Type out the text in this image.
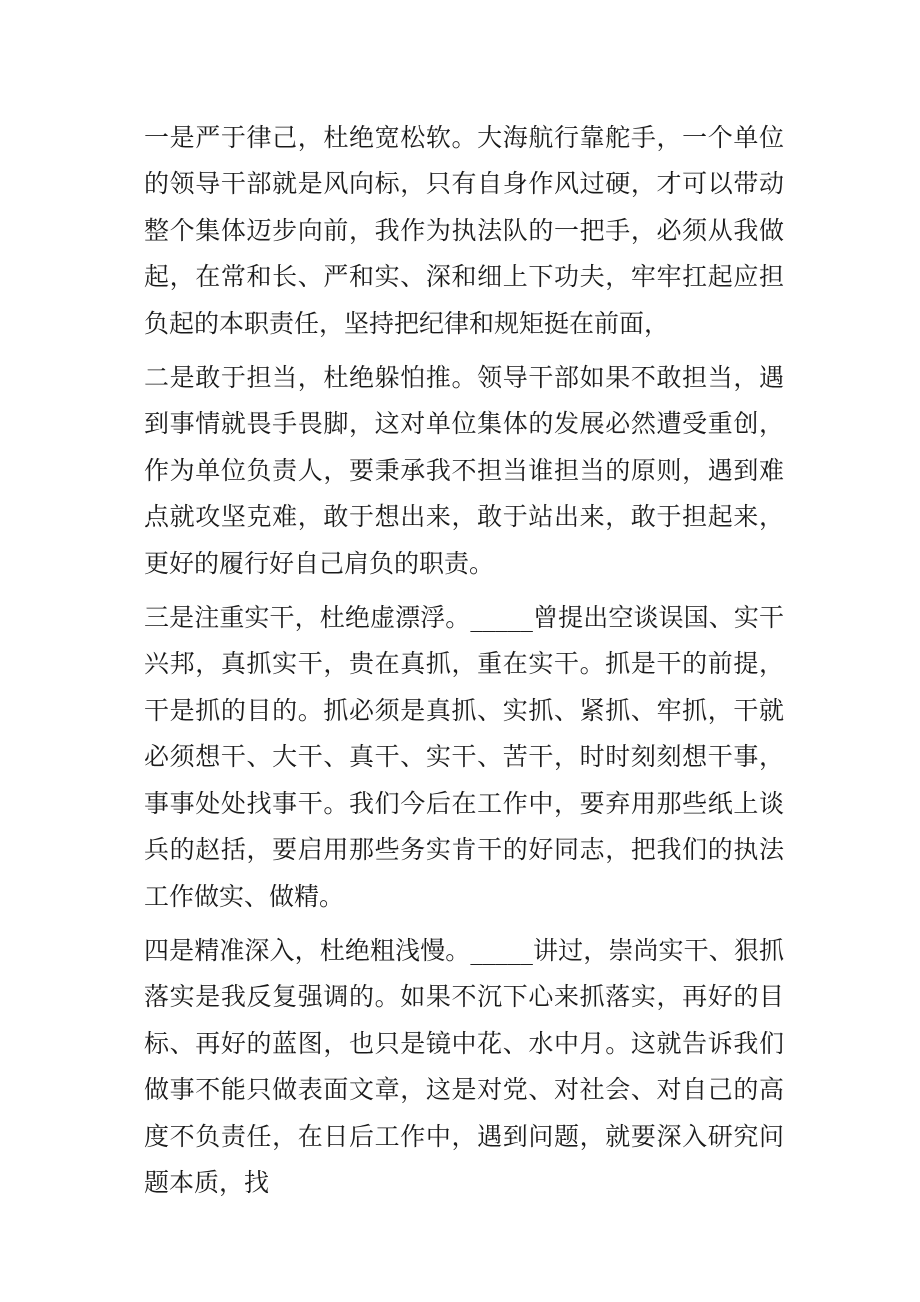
一是严于律己，杜绝宽松软。大海航行靠舵手，一个单位的领导干部就是风向标，只有自身作风过硬，才可以带动整个集体迈步向前，我作为执法队的一把手，必须从我做起，在常和长、严和实、深和细上下功夫，牢牢扛起应担负起的本职责任，坚持把纪律和规矩挺在前面，

二是敢于担当，杜绝躲怕推。领导干部如果不敢担当，遇到事情就畏手畏脚，这对单位集体的发展必然遭受重创，作为单位负责人，要秉承我不担当谁担当的原则，遇到难点就攻坚克难，敢于想出来，敢于站出来，敢于担起来，更好的履行好自己肩负的职责。

三是注重实干，杜绝虚漂浮。_____曾提出空谈误国、实干兴邦，真抓实干，贵在真抓，重在实干。抓是干的前提，干是抓的目的。抓必须是真抓、实抓、紧抓、牢抓，干就必须想干、大干、真干、实干、苦干，时时刻刻想干事，事事处处找事干。我们今后在工作中，要弃用那些纸上谈兵的赵括，要启用那些务实肯干的好同志，把我们的执法工作做实、做精。

四是精准深入，杜绝粗浅慢。_____讲过，崇尚实干、狠抓落实是我反复强调的。如果不沉下心来抓落实，再好的目标、再好的蓝图，也只是镜中花、水中月。这就告诉我们做事不能只做表面文章，这是对党、对社会、对自己的高度不负责任，在日后工作中，遇到问题，就要深入研究问题本质，找
